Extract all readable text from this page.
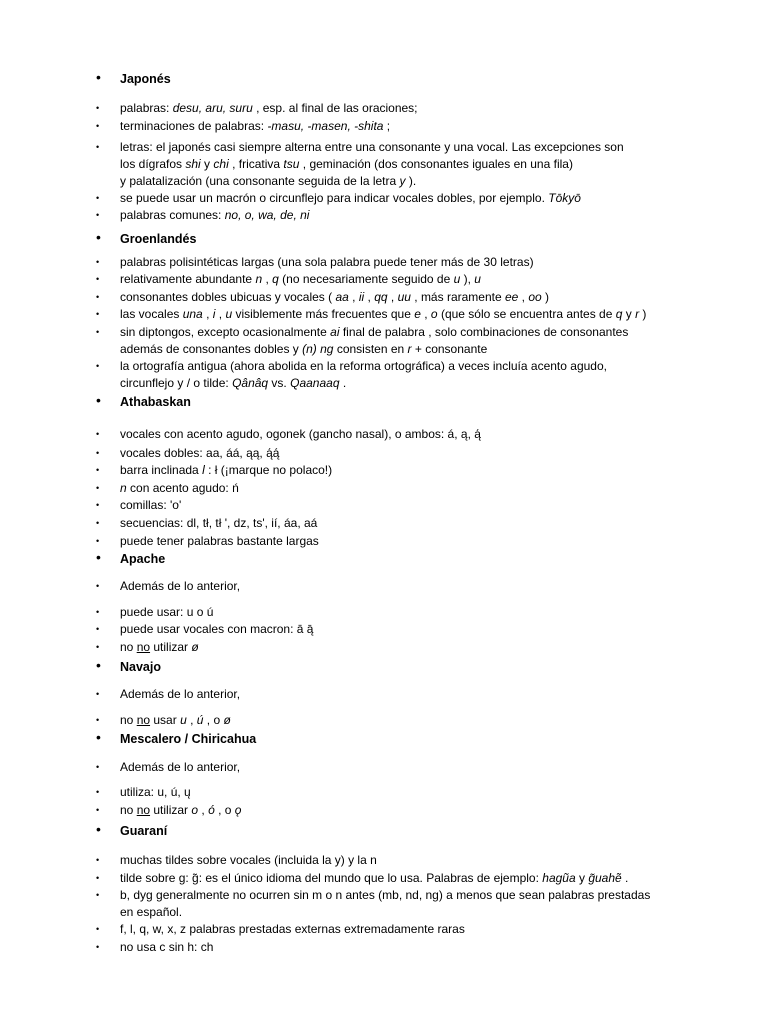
•	Japonés
•	palabras: desu, aru, suru , esp. al final de las oraciones;
•	terminaciones de palabras: -masu, -masen, -shita ;
•	letras: el japonés casi siempre alterna entre una consonante y una vocal. Las excepciones son
los dígrafos shi y chi , fricativa tsu , geminación (dos consonantes iguales en una fila)
y palatalización (una consonante seguida de la letra y ).
•	se puede usar un macrón o circunflejo para indicar vocales dobles, por ejemplo. Tōkyō
•	palabras comunes: no, o, wa, de, ni
•	Groenlandés
•	palabras polisintéticas largas (una sola palabra puede tener más de 30 letras)
•	relativamente abundante n , q (no necesariamente seguido de u ), u
•	consonantes dobles ubicuas y vocales ( aa , ii , qq , uu , más raramente ee , oo )
•	las vocales una , i , u visiblemente más frecuentes que e , o (que sólo se encuentra antes de q y r )
•	sin diptongos, excepto ocasionalmente ai final de palabra , solo combinaciones de consonantes
además de consonantes dobles y (n) ng consisten en r + consonante
•	la ortografía antigua (ahora abolida en la reforma ortográfica) a veces incluía acento agudo,
circunflejo y / o tilde: Qânâq vs. Qaanaaq .
•	Athabaskan
•	vocales con acento agudo, ogonek (gancho nasal), o ambos: á, ą, ą́
•	vocales dobles: aa, áá, ąą, ą́ą́
•	barra inclinada l : ł (¡marque no polaco!)
•	n con acento agudo: ń
•	comillas: 'o'
•	secuencias: dl, tł, tł ', dz, ts', ií, áa, aá
•	puede tener palabras bastante largas
•	Apache
•	Además de lo anterior,
•	puede usar: u o ú
•	puede usar vocales con macron: ā ą̄
•	no no utilizar ø
•	Navajo
•	Además de lo anterior,
•	no no usar u , ú , o ø
•	Mescalero / Chiricahua
•	Además de lo anterior,
•	utiliza: u, ú, ų
•	no no utilizar o , ó , o ǫ
•	Guaraní
•	muchas tildes sobre vocales (incluida la y) y la n
•	tilde sobre g: g̃: es el único idioma del mundo que lo usa. Palabras de ejemplo: hagũa y g̃uahẽ .
•	b, dyg generalmente no ocurren sin m o n antes (mb, nd, ng) a menos que sean palabras prestadas
en español.
•	f, l, q, w, x, z palabras prestadas externas extremadamente raras
•	no usa c sin h: ch
